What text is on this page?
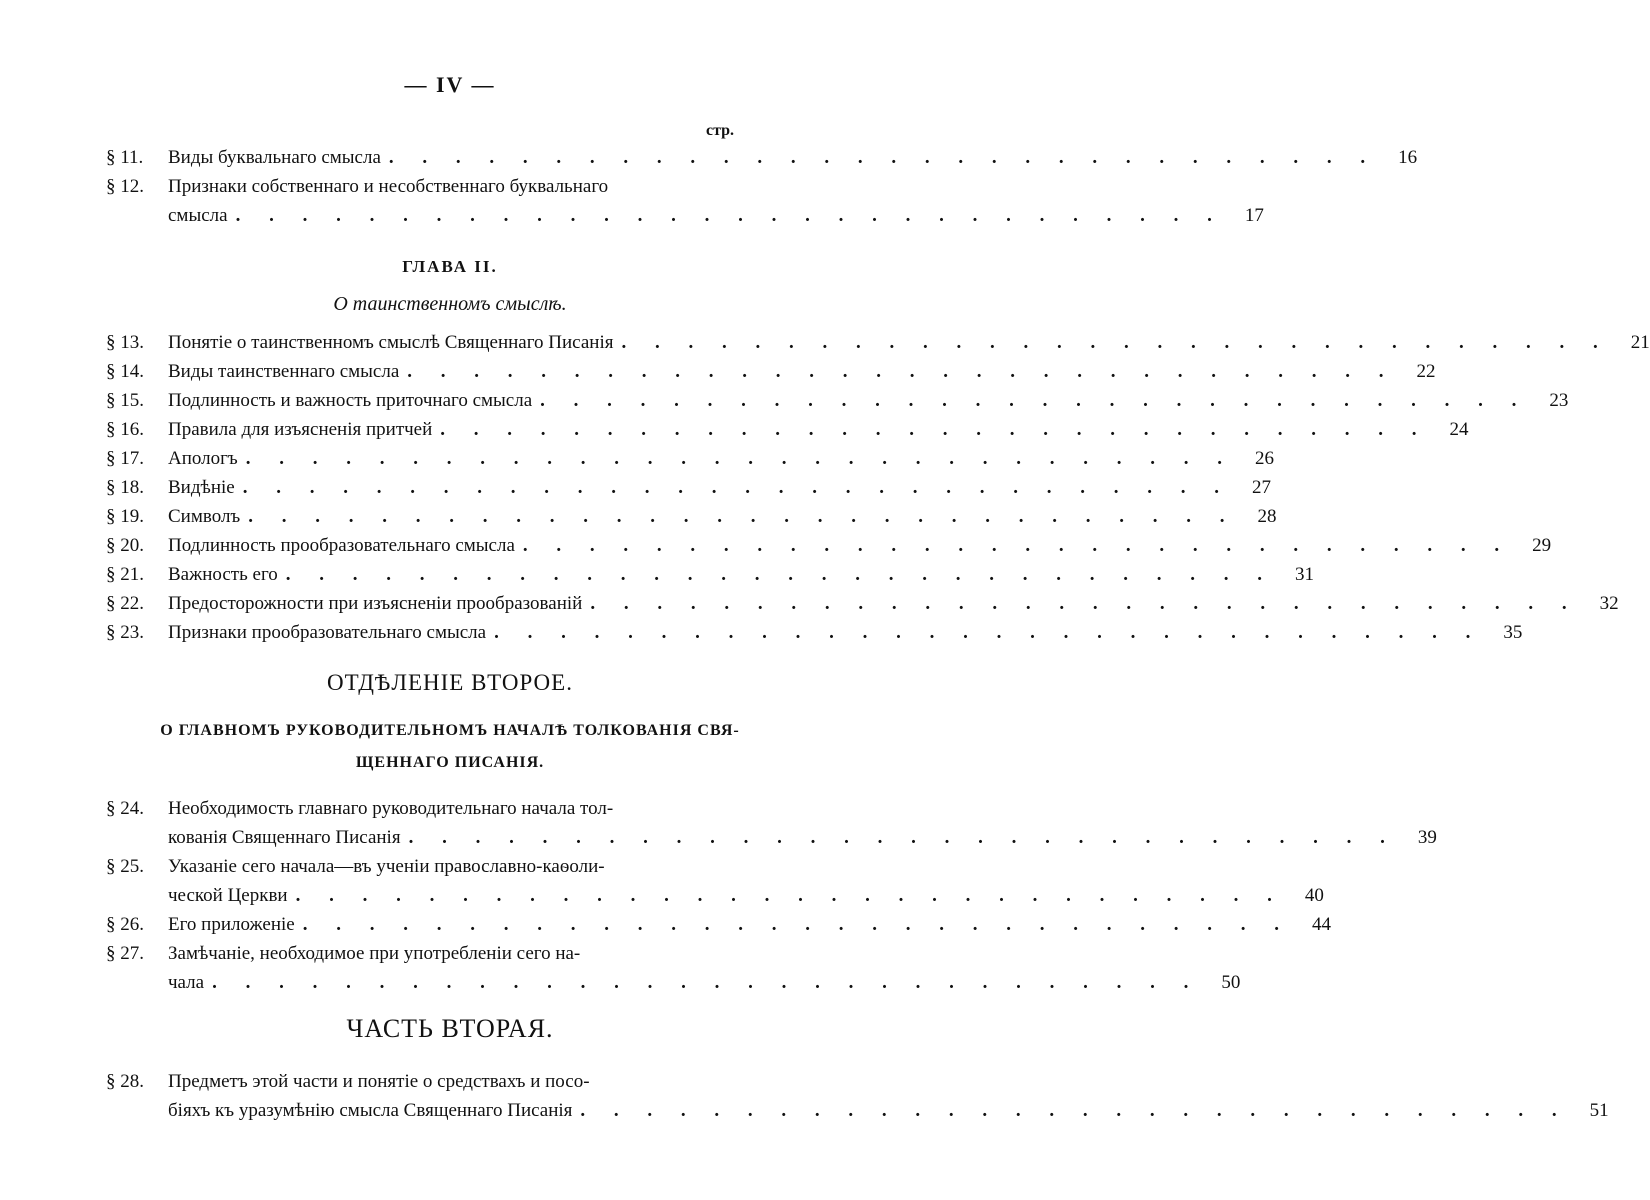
— IV —
стр.
§ 11.	Виды буквальнаго смысла . . . . . . . . . . . . . . . . . . . . . . . . . . . . . .	16
§ 12.	Признаки собственнаго и несобственнаго буквальнаго
смысла . . . . . . . . . . . . . . . . . . . . . . . . . . . . . .	17
ГЛАВА II.
О таинственномъ смыслѣ.
§ 13.	Понятіе о таинственномъ смыслѣ Священнаго Писанія . . . . . . . . . . . . . . . . . . . . . . . . . . . . . .	21
§ 14.	Виды таинственнаго смысла . . . . . . . . . . . . . . . . . . . . . . . . . . . . . .	22
§ 15.	Подлинность и важность приточнаго смысла . . . . . . . . . . . . . . . . . . . . . . . . . . . . . .	23
§ 16.	Правила для изъясненія притчей . . . . . . . . . . . . . . . . . . . . . . . . . . . . . .	24
§ 17.	Апологъ . . . . . . . . . . . . . . . . . . . . . . . . . . . . . .	26
§ 18.	Видѣніе . . . . . . . . . . . . . . . . . . . . . . . . . . . . . .	27
§ 19.	Символъ . . . . . . . . . . . . . . . . . . . . . . . . . . . . . .	28
§ 20.	Подлинность прообразовательнаго смысла . . . . . . . . . . . . . . . . . . . . . . . . . . . . . .	29
§ 21.	Важность его . . . . . . . . . . . . . . . . . . . . . . . . . . . . . .	31
§ 22.	Предосторожности при изъясненіи прообразованій . . . . . . . . . . . . . . . . . . . . . . . . . . . . . .	32
§ 23.	Признаки прообразовательнаго смысла . . . . . . . . . . . . . . . . . . . . . . . . . . . . . .	35
ОТДѢЛЕНІЕ ВТОРОЕ.
О ГЛАВНОМЪ РУКОВОДИТЕЛЬНОМЪ НАЧАЛѢ ТОЛКОВАНІЯ СВЯ-
ЩЕННАГО ПИСАНІЯ.
§ 24.	Необходимость главнаго руководительнаго начала тол-
кованія Священнаго Писанія . . . . . . . . . . . . . . . . . . . . . . . . . . . . . .	39
§ 25.	Указаніе сего начала—въ ученіи православно-каѳоли-
ческой Церкви . . . . . . . . . . . . . . . . . . . . . . . . . . . . . .	40
§ 26.	Его приложеніе . . . . . . . . . . . . . . . . . . . . . . . . . . . . . .	44
§ 27.	Замѣчаніе, необходимое при употребленіи сего на-
чала . . . . . . . . . . . . . . . . . . . . . . . . . . . . . .	50
ЧАСТЬ ВТОРАЯ.
§ 28.	Предметъ этой части и понятіе о средствахъ и посо-
біяхъ къ уразумѣнію смысла Священнаго Писанія . . . . . . . . . . . . . . . . . . . . . . . . . . . . . .	51
